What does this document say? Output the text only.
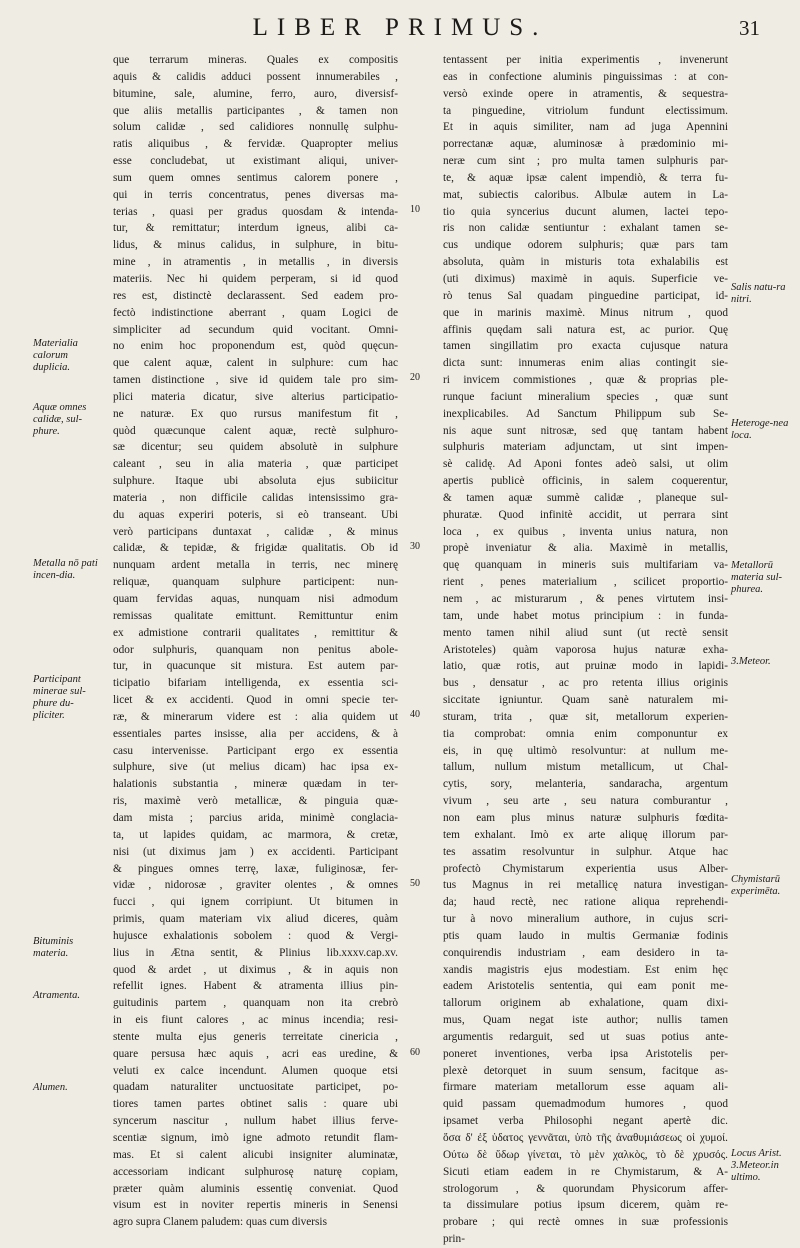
LIBER PRIMUS.	31
que terrarum mineras. Quales ex compositis
aquis & calidis adduci possent innumerabiles ,
bitumine, sale, alumine, ferro, auro, diversisf-
que aliis metallis participantes , & tamen non
solum calidæ , sed calidiores nonnullę sulphu-
ratis aliquibus , & fervidæ. Quapropter melius
esse concludebat, ut existimant aliqui, univer-
sum quem omnes sentimus calorem ponere ,
qui in terris concentratus, penes diversas ma-
terias , quasi per gradus quosdam & intenda-
tur, & remittatur; interdum igneus, alibi ca-
lidus, & minus calidus, in sulphure, in bitu-
mine , in atramentis , in metallis , in diversis
materiis. Nec hi quidem perperam, si id quod
res est, distinctè declarassent. Sed eadem pro-
fectò indistinctione aberrant , quam Logici de
simpliciter ad secundum quid vocitant. Omni-
no enim hoc proponendum est, quòd quęcun-
que calent aquæ, calent in sulphure: cum hac
tamen distinctione , sive id quidem tale pro sim-
plici materia dicatur, sive alterius participatio-
ne naturæ. Ex quo rursus manifestum fit ,
quòd quæcunque calent aquæ, rectè sulphuro-
sæ dicentur; seu quidem absolutè in sulphure
caleant , seu in alia materia , quæ participet
sulphure. Itaque ubi absoluta ejus subiicitur
materia , non difficile calidas intensissimo gra-
du aquas experiri poteris, si eò transeant. Ubi
verò participans duntaxat , calidæ , & minus
calidæ, & tepidæ, & frigidæ qualitatis. Ob id
nunquam ardent metalla in terris, nec minerę
reliquæ, quanquam sulphure participent: nun-
quam fervidas aquas, nunquam nisi admodum
remissas qualitate emittunt. Remittuntur enim
ex admistione contrarii qualitates , remittitur &
odor sulphuris, quanquam non penitus abole-
tur, in quacunque sit mistura. Est autem par-
ticipatio bifariam intelligenda, ex essentia sci-
licet & ex accidenti. Quod in omni specie ter-
ræ, & minerarum videre est : alia quidem ut
essentiales partes insisse, alia per accidens, & à
casu intervenisse. Participant ergo ex essentia
sulphure, sive (ut melius dicam) hac ipsa ex-
halationis substantia , mineræ quædam in ter-
ris, maximè verò metallicæ, & pinguia quæ-
dam mista ; parcius arida, minimè conglacia-
ta, ut lapides quidam, ac marmora, & cretæ,
nisi (ut diximus jam ) ex accidenti. Participant
& pingues omnes terrę, laxæ, fuliginosæ, fer-
vidæ , nidorosæ , graviter olentes , & omnes
fucci , qui ignem corripiunt. Ut bitumen in
primis, quam materiam vix aliud diceres, quàm
hujusce exhalationis sobolem : quod & Vergi-
lius in Ætna sentit, & Plinius lib.xxxv.cap.xv.
quod & ardet , ut diximus , & in aquis non
refellit ignes. Habent & atramenta illius pin-
guitudinis partem , quanquam non ita crebrò
in eis fiunt calores , ac minus incendia; resi-
stente multa ejus generis terreitate cinericia ,
quare persusa hæc aquis , acri eas uredine, &
veluti ex calce incendunt. Alumen quoque etsi
quadam naturaliter unctuositate participet, po-
tiores tamen partes obtinet salis : quare ubi
syncerum nascitur , nullum habet illius ferve-
scentiæ signum, imò igne admoto retundit flam-
mas. Et si calent alicubi insigniter aluminatæ,
accessoriam indicant sulphurosę naturę copiam,
præter quàm aluminis essentię conveniat. Quod
visum est in noviter repertis mineris in Senensi
agro supra Clanem paludem: quas cum diversis
tentassent per initia experimentis , invenerunt
eas in confectione aluminis pinguissimas : at con-
versò exinde opere in atramentis, & sequestra-
ta pinguedine, vitriolum fundunt electissimum.
Et in aquis similiter, nam ad juga Apennini
porrectanæ aquæ, aluminosæ à prædominio mi-
neræ cum sint ; pro multa tamen sulphuris par-
te, & aquæ ipsæ calent impendiò, & terra fu-
mat, subiectis caloribus. Albulæ autem in La-
tio quia syncerius ducunt alumen, lactei tepo-
ris non calidæ sentiuntur : exhalant tamen se-
cus undique odorem sulphuris; quæ pars tam
absoluta, quàm in misturis tota exhalabilis est
(uti diximus) maximè in aquis. Superficie ve-
rò tenus Sal quadam pinguedine participat, id-
que in marinis maximè. Minus nitrum , quod
affinis quędam sali natura est, ac purior. Quę
tamen singillatim pro exacta cujusque natura
dicta sunt: innumeras enim alias contingit sie-
ri invicem commistiones , quæ & proprias ple-
runque faciunt mineralium species , quæ sunt
inexplicabiles. Ad Sanctum Philippum sub Se-
nis aque sunt nitrosæ, sed quę tantam habent
sulphuris materiam adjunctam, ut sint impen-
sè calidę. Ad Aponi fontes adeò salsi, ut olim
apertis publicè officinis, in salem coquerentur,
& tamen aquæ summè calidæ , planeque sul-
phuratæ. Quod infinitè accidit, ut perrara sint
loca , ex quibus , inventa unius natura, non
propè inveniatur & alia. Maximè in metallis,
quę quanquam in mineris suis multifariam va-
rient , penes materialium , scilicet proportio-
nem , ac misturarum , & penes virtutem insi-
tam, unde habet motus principium : in funda-
mento tamen nihil aliud sunt (ut rectè sensit
Aristoteles) quàm vaporosa hujus naturæ exha-
latio, quæ rotis, aut pruinæ modo in lapidi-
bus , densatur , ac pro retenta illius originis
siccitate igniuntur. Quam sanè naturalem mi-
sturam, trita , quæ sit, metallorum experien-
tia comprobat: omnia enim componuntur ex
eis, in quę ultimò resolvuntur: at nullum me-
tallum, nullum mistum metallicum, ut Chal-
cytis, sory, melanteria, sandaracha, argentum
vivum , seu arte , seu natura comburantur ,
non eam plus minus naturæ sulphuris fœdita-
tem exhalant. Imò ex arte aliquę illorum par-
tes assatim resolvuntur in sulphur. Atque hac
profectò Chymistarum experientia usus Alber-
tus Magnus in rei metallicę natura investigan-
da; haud rectè, nec ratione aliqua reprehendi-
tur à novo mineralium authore, in cujus scri-
ptis quam laudo in multis Germaniæ fodinis
conquirendis industriam , eam desidero in ta-
xandis magistris ejus modestiam. Est enim hęc
eadem Aristotelis sententia, qui eam ponit me-
tallorum originem ab exhalatione, quam dixi-
mus, Quam negat iste author; nullis tamen
argumentis redarguit, sed ut suas potius ante-
poneret inventiones, verba ipsa Aristotelis per-
plexè detorquet in suum sensum, facitque as-
firmare materiam metallorum esse aquam ali-
quid passam quemadmodum humores , quod
ipsamet verba Philosophi negant apertè dic.
ὅσα δ' ἐξ ὑδατος γεννᾶται, ὑπὸ τῆς ἀναθυμιάσεως οἱ χυμοί.
Ούτω δὲ ὕδωρ γίνεται, τὸ μὲν χαλκὸς, τὸ δὲ χρυσός.
Sicuti etiam eadem in re Chymistarum, & A-
strologorum , & quorundam Physicorum affer-
ta dissimulare potius ipsum dicerem, quàm re-
probare ; qui rectè omnes in suæ professionis
prin-
10
20
30
40
50
60
Materialia calorum duplicia.
Aquæ omnes calidæ, sul-phure.
Metalla nō pati incen-dia.
Participant minerae sul-phure du-pliciter.
Bituminis materia.
Atramenta.
Alumen.
Salis natu-ra nitri.
Heteroge-nea loca.
Metallorū materia sul-phurea.
3.Meteor.
Chymistarū experimēta.
Locus Arist. 3.Meteor.in ultimo.
